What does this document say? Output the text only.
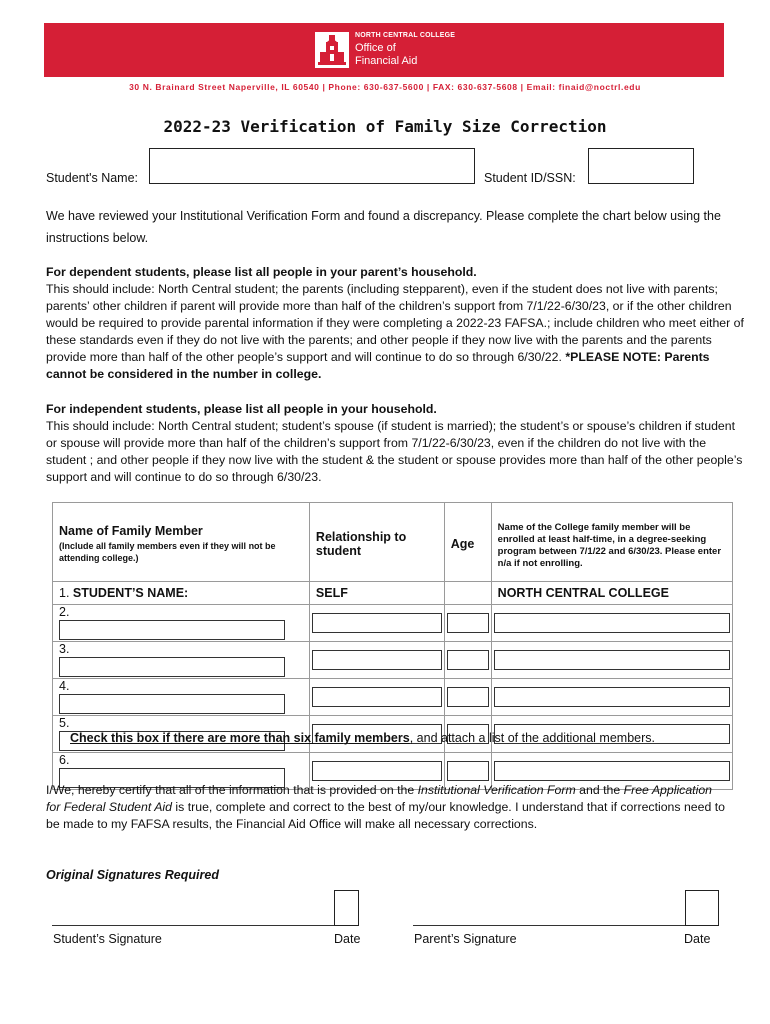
NORTH CENTRAL COLLEGE
Office of
Financial Aid
30 N. Brainard Street Naperville, IL 60540 | Phone: 630-637-5600 | FAX: 630-637-5608 | Email: finaid@noctrl.edu
2022-23 Verification of Family Size Correction
Student's Name:	Student ID/SSN:
We have reviewed your Institutional Verification Form and found a discrepancy. Please complete the chart below using the instructions below.
For dependent students, please list all people in your parent’s household.
This should include: North Central student; the parents (including stepparent), even if the student does not live with parents; parents’ other children if parent will provide more than half of the children’s support from 7/1/22-6/30/23, or if the other children would be required to provide parental information if they were completing a 2022-23 FAFSA.; include children who meet either of these standards even if they do not live with the parents; and other people if they now live with the parents and the parents provide more than half of the other people’s support and will continue to do so through 6/30/22. *PLEASE NOTE: Parents cannot be considered in the number in college.
For independent students, please list all people in your household.
This should include: North Central student; student’s spouse (if student is married); the student’s or spouse’s children if student or spouse will provide more than half of the children’s support from 7/1/22-6/30/23, even if the children do not live with the student ; and other people if they now live with the student & the student or spouse provides more than half of the other people’s support and will continue to do so through 6/30/23.
Name of Family Member
(Include all family members even if they will not be attending college.)	Relationship to student	Age	Name of the College family member will be enrolled at least half-time, in a degree-seeking program between 7/1/22 and 6/30/23. Please enter n/a if not enrolling.

1. STUDENT’S NAME:	SELF		NORTH CENTRAL COLLEGE
2.	

3.	

4.	

5.	

6.	

Check this box if there are more than six family members, and attach a list of the additional members.
I/We, hereby certify that all of the information that is provided on the Institutional Verification Form and the Free Application for Federal Student Aid is true, complete and correct to the best of my/our knowledge. I understand that if corrections need to be made to my FAFSA results, the Financial Aid Office will make all necessary corrections.
Original Signatures Required
Student’s Signature	Date	Parent’s Signature	Date
